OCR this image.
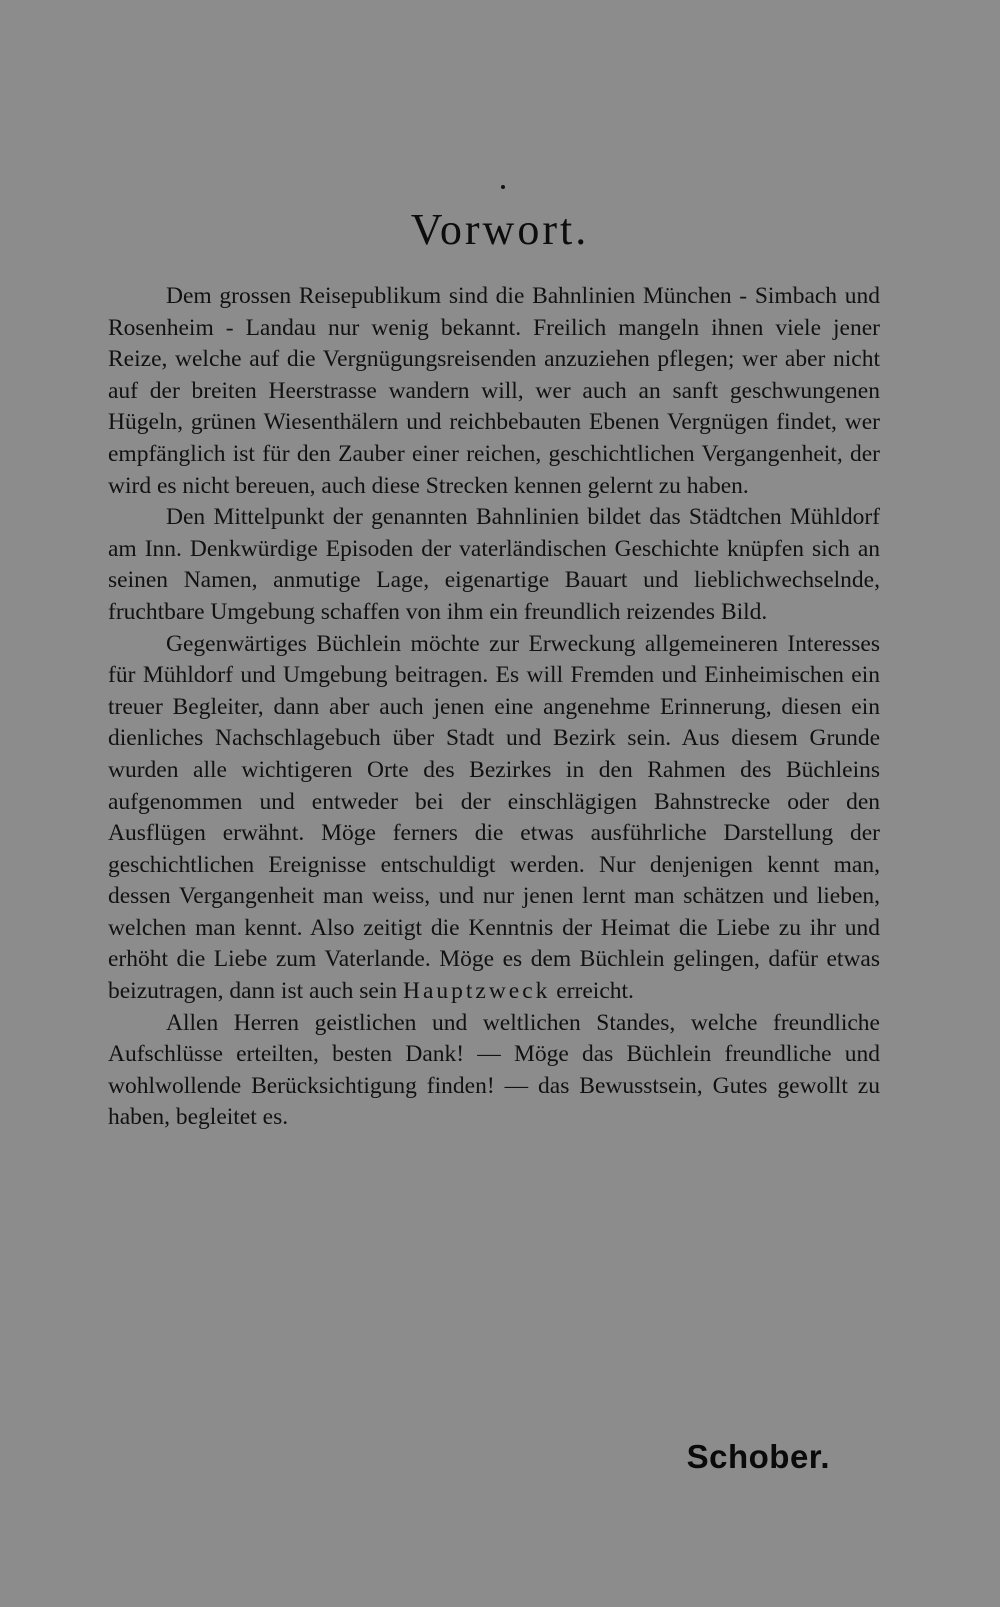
Vorwort.

Dem grossen Reisepublikum sind die Bahnlinien München - Simbach und Rosenheim - Landau nur wenig bekannt. Freilich mangeln ihnen viele jener Reize, welche auf die Vergnügungsreisenden anzuziehen pflegen; wer aber nicht auf der breiten Heerstrasse wandern will, wer auch an sanft geschwungenen Hügeln, grünen Wiesenthälern und reichbebauten Ebenen Vergnügen findet, wer empfänglich ist für den Zauber einer reichen, geschichtlichen Vergangenheit, der wird es nicht bereuen, auch diese Strecken kennen gelernt zu haben.

Den Mittelpunkt der genannten Bahnlinien bildet das Städtchen Mühldorf am Inn. Denkwürdige Episoden der vaterländischen Geschichte knüpfen sich an seinen Namen, anmutige Lage, eigenartige Bauart und lieblichwechselnde, fruchtbare Umgebung schaffen von ihm ein freundlich reizendes Bild.

Gegenwärtiges Büchlein möchte zur Erweckung allgemeineren Interesses für Mühldorf und Umgebung beitragen. Es will Fremden und Einheimischen ein treuer Begleiter, dann aber auch jenen eine angenehme Erinnerung, diesen ein dienliches Nachschlagebuch über Stadt und Bezirk sein. Aus diesem Grunde wurden alle wichtigeren Orte des Bezirkes in den Rahmen des Büchleins aufgenommen und entweder bei der einschlägigen Bahnstrecke oder den Ausflügen erwähnt. Möge ferners die etwas ausführliche Darstellung der geschichtlichen Ereignisse entschuldigt werden. Nur denjenigen kennt man, dessen Vergangenheit man weiss, und nur jenen lernt man schätzen und lieben, welchen man kennt. Also zeitigt die Kenntnis der Heimat die Liebe zu ihr und erhöht die Liebe zum Vaterlande. Möge es dem Büchlein gelingen, dafür etwas beizutragen, dann ist auch sein Hauptzweck erreicht.

Allen Herren geistlichen und weltlichen Standes, welche freundliche Aufschlüsse erteilten, besten Dank! — Möge das Büchlein freundliche und wohlwollende Berücksichtigung finden! — das Bewusstsein, Gutes gewollt zu haben, begleitet es.

Schober.
